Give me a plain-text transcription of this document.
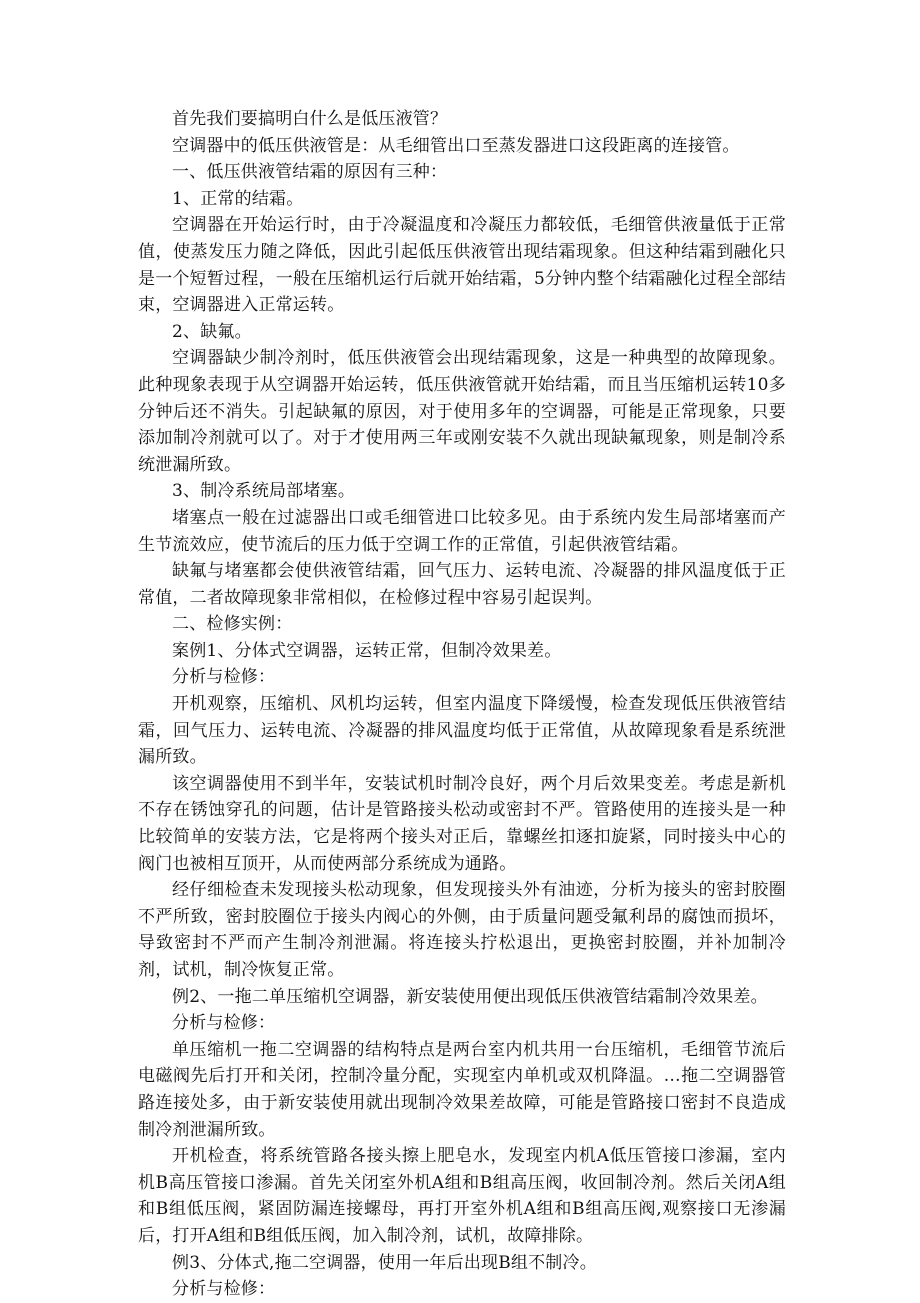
首先我们要搞明白什么是低压液管？

空调器中的低压供液管是：从毛细管出口至蒸发器进口这段距离的连接管。

一、低压供液管结霜的原因有三种：

1、正常的结霜。

空调器在开始运行时，由于冷凝温度和冷凝压力都较低，毛细管供液量低于正常值，使蒸发压力随之降低，因此引起低压供液管出现结霜现象。但这种结霜到融化只是一个短暂过程，一般在压缩机运行后就开始结霜，5分钟内整个结霜融化过程全部结束，空调器进入正常运转。

2、缺氟。

空调器缺少制冷剂时，低压供液管会出现结霜现象，这是一种典型的故障现象。此种现象表现于从空调器开始运转，低压供液管就开始结霜，而且当压缩机运转10多分钟后还不消失。引起缺氟的原因，对于使用多年的空调器，可能是正常现象，只要添加制冷剂就可以了。对于才使用两三年或刚安装不久就出现缺氟现象，则是制冷系统泄漏所致。

3、制冷系统局部堵塞。

堵塞点一般在过滤器出口或毛细管进口比较多见。由于系统内发生局部堵塞而产生节流效应，使节流后的压力低于空调工作的正常值，引起供液管结霜。

缺氟与堵塞都会使供液管结霜，回气压力、运转电流、冷凝器的排风温度低于正常值，二者故障现象非常相似，在检修过程中容易引起误判。

二、检修实例：

案例1、分体式空调器，运转正常，但制冷效果差。

分析与检修：

开机观察，压缩机、风机均运转，但室内温度下降缓慢，检查发现低压供液管结霜，回气压力、运转电流、冷凝器的排风温度均低于正常值，从故障现象看是系统泄漏所致。

该空调器使用不到半年，安装试机时制冷良好，两个月后效果变差。考虑是新机不存在锈蚀穿孔的问题，估计是管路接头松动或密封不严。管路使用的连接头是一种比较简单的安装方法，它是将两个接头对正后，靠螺丝扣逐扣旋紧，同时接头中心的阀门也被相互顶开，从而使两部分系统成为通路。

经仔细检查未发现接头松动现象，但发现接头外有油迹，分析为接头的密封胶圈不严所致，密封胶圈位于接头内阀心的外侧，由于质量问题受氟利昂的腐蚀而损坏，导致密封不严而产生制冷剂泄漏。将连接头拧松退出，更换密封胶圈，并补加制冷剂，试机，制冷恢复正常。

例2、一拖二单压缩机空调器，新安装使用便出现低压供液管结霜制冷效果差。

分析与检修：

单压缩机一拖二空调器的结构特点是两台室内机共用一台压缩机，毛细管节流后电磁阀先后打开和关闭，控制冷量分配，实现室内单机或双机降温。…拖二空调器管路连接处多，由于新安装使用就出现制冷效果差故障，可能是管路接口密封不良造成制冷剂泄漏所致。

开机检查，将系统管路各接头擦上肥皂水，发现室内机A低压管接口渗漏，室内机B高压管接口渗漏。首先关闭室外机A组和B组高压阀，收回制冷剂。然后关闭A组和B组低压阀，紧固防漏连接螺母，再打开室外机A组和B组高压阀,观察接口无渗漏后，打开A组和B组低压阀，加入制冷剂，试机，故障排除。

例3、分体式,拖二空调器，使用一年后出现B组不制冷。

分析与检修：
